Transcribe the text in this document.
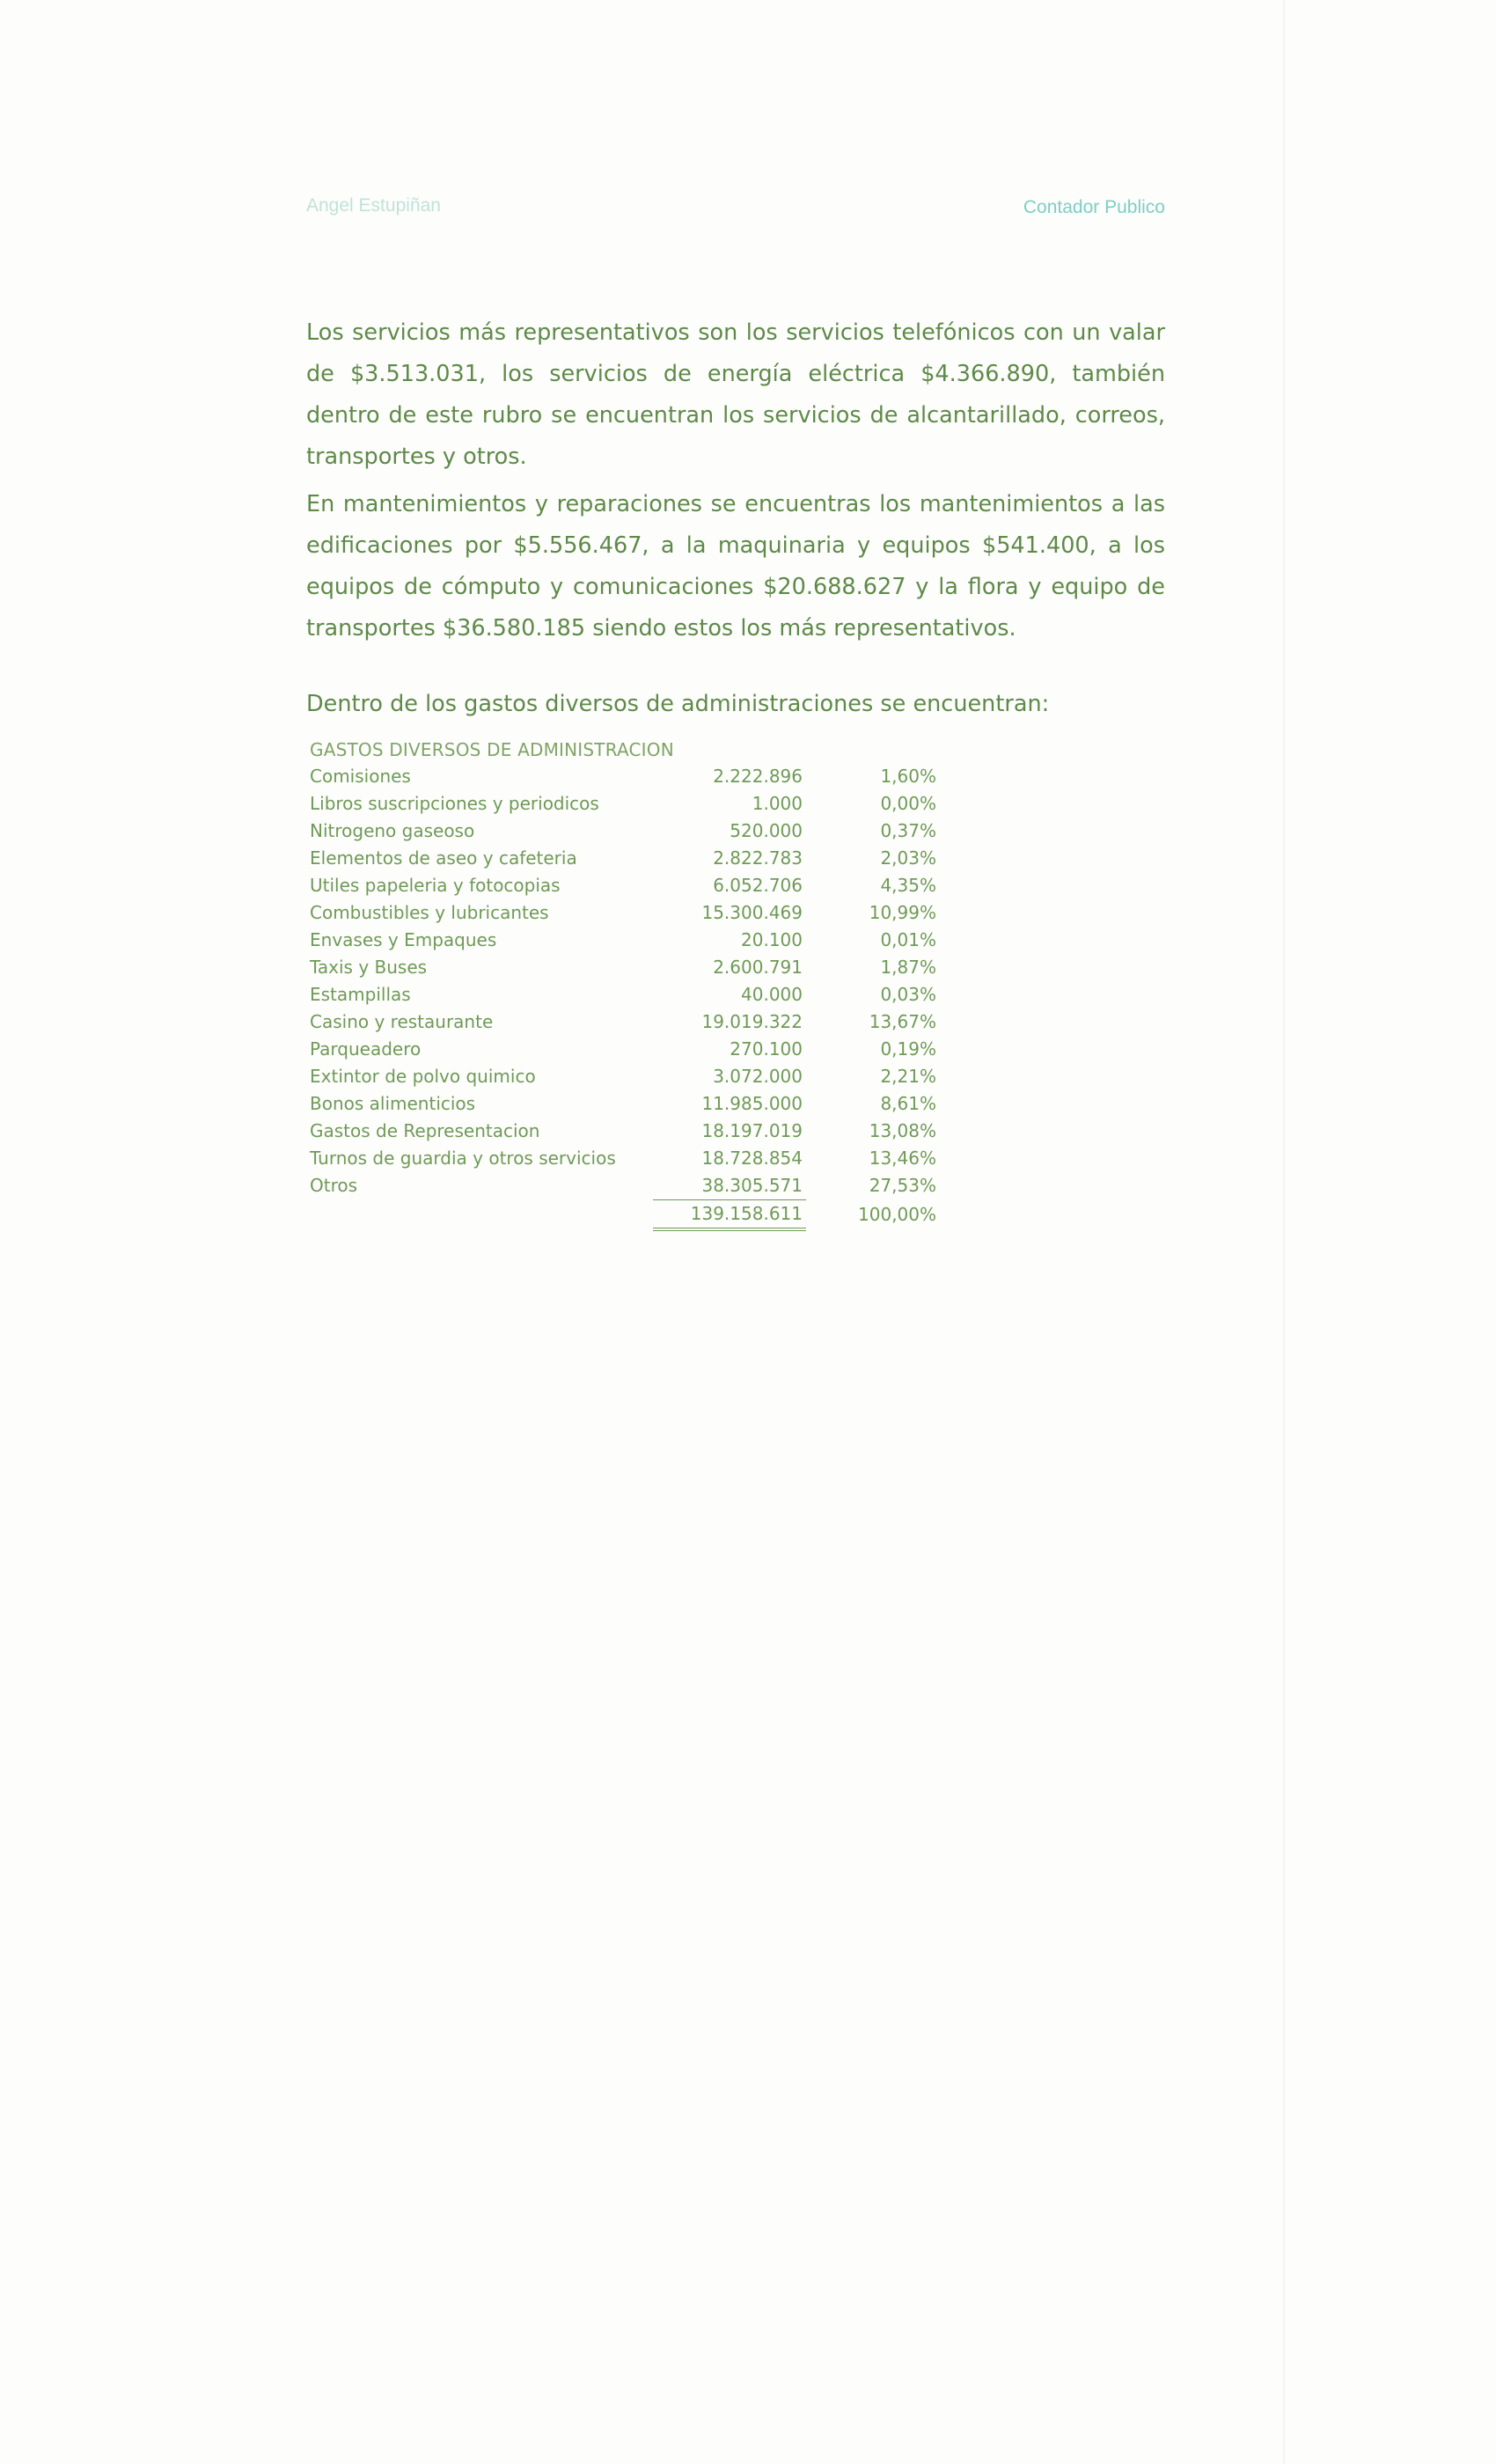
Angel Estupiñan	Contador Publico

Los servicios más representativos son los servicios telefónicos con un valar de $3.513.031, los servicios de energía eléctrica $4.366.890, también dentro de este rubro se encuentran los servicios de alcantarillado, correos, transportes y otros.

En mantenimientos y reparaciones se encuentras los mantenimientos a las edificaciones por $5.556.467, a la maquinaria y equipos $541.400, a los equipos de cómputo y comunicaciones $20.688.627 y la flora y equipo de transportes $36.580.185 siendo estos los más representativos.

Dentro de los gastos diversos de administraciones se encuentran:

GASTOS DIVERSOS DE ADMINISTRACION
Comisiones	2.222.896	1,60%
Libros suscripciones y periodicos	1.000	0,00%
Nitrogeno gaseoso	520.000	0,37%
Elementos de aseo y cafeteria	2.822.783	2,03%
Utiles papeleria y fotocopias	6.052.706	4,35%
Combustibles y lubricantes	15.300.469	10,99%
Envases y Empaques	20.100	0,01%
Taxis y Buses	2.600.791	1,87%
Estampillas	40.000	0,03%
Casino y restaurante	19.019.322	13,67%
Parqueadero	270.100	0,19%
Extintor de polvo quimico	3.072.000	2,21%
Bonos alimenticios	11.985.000	8,61%
Gastos de Representacion	18.197.019	13,08%
Turnos de guardia y otros servicios	18.728.854	13,46%
Otros	38.305.571	27,53%
	139.158.611	100,00%
